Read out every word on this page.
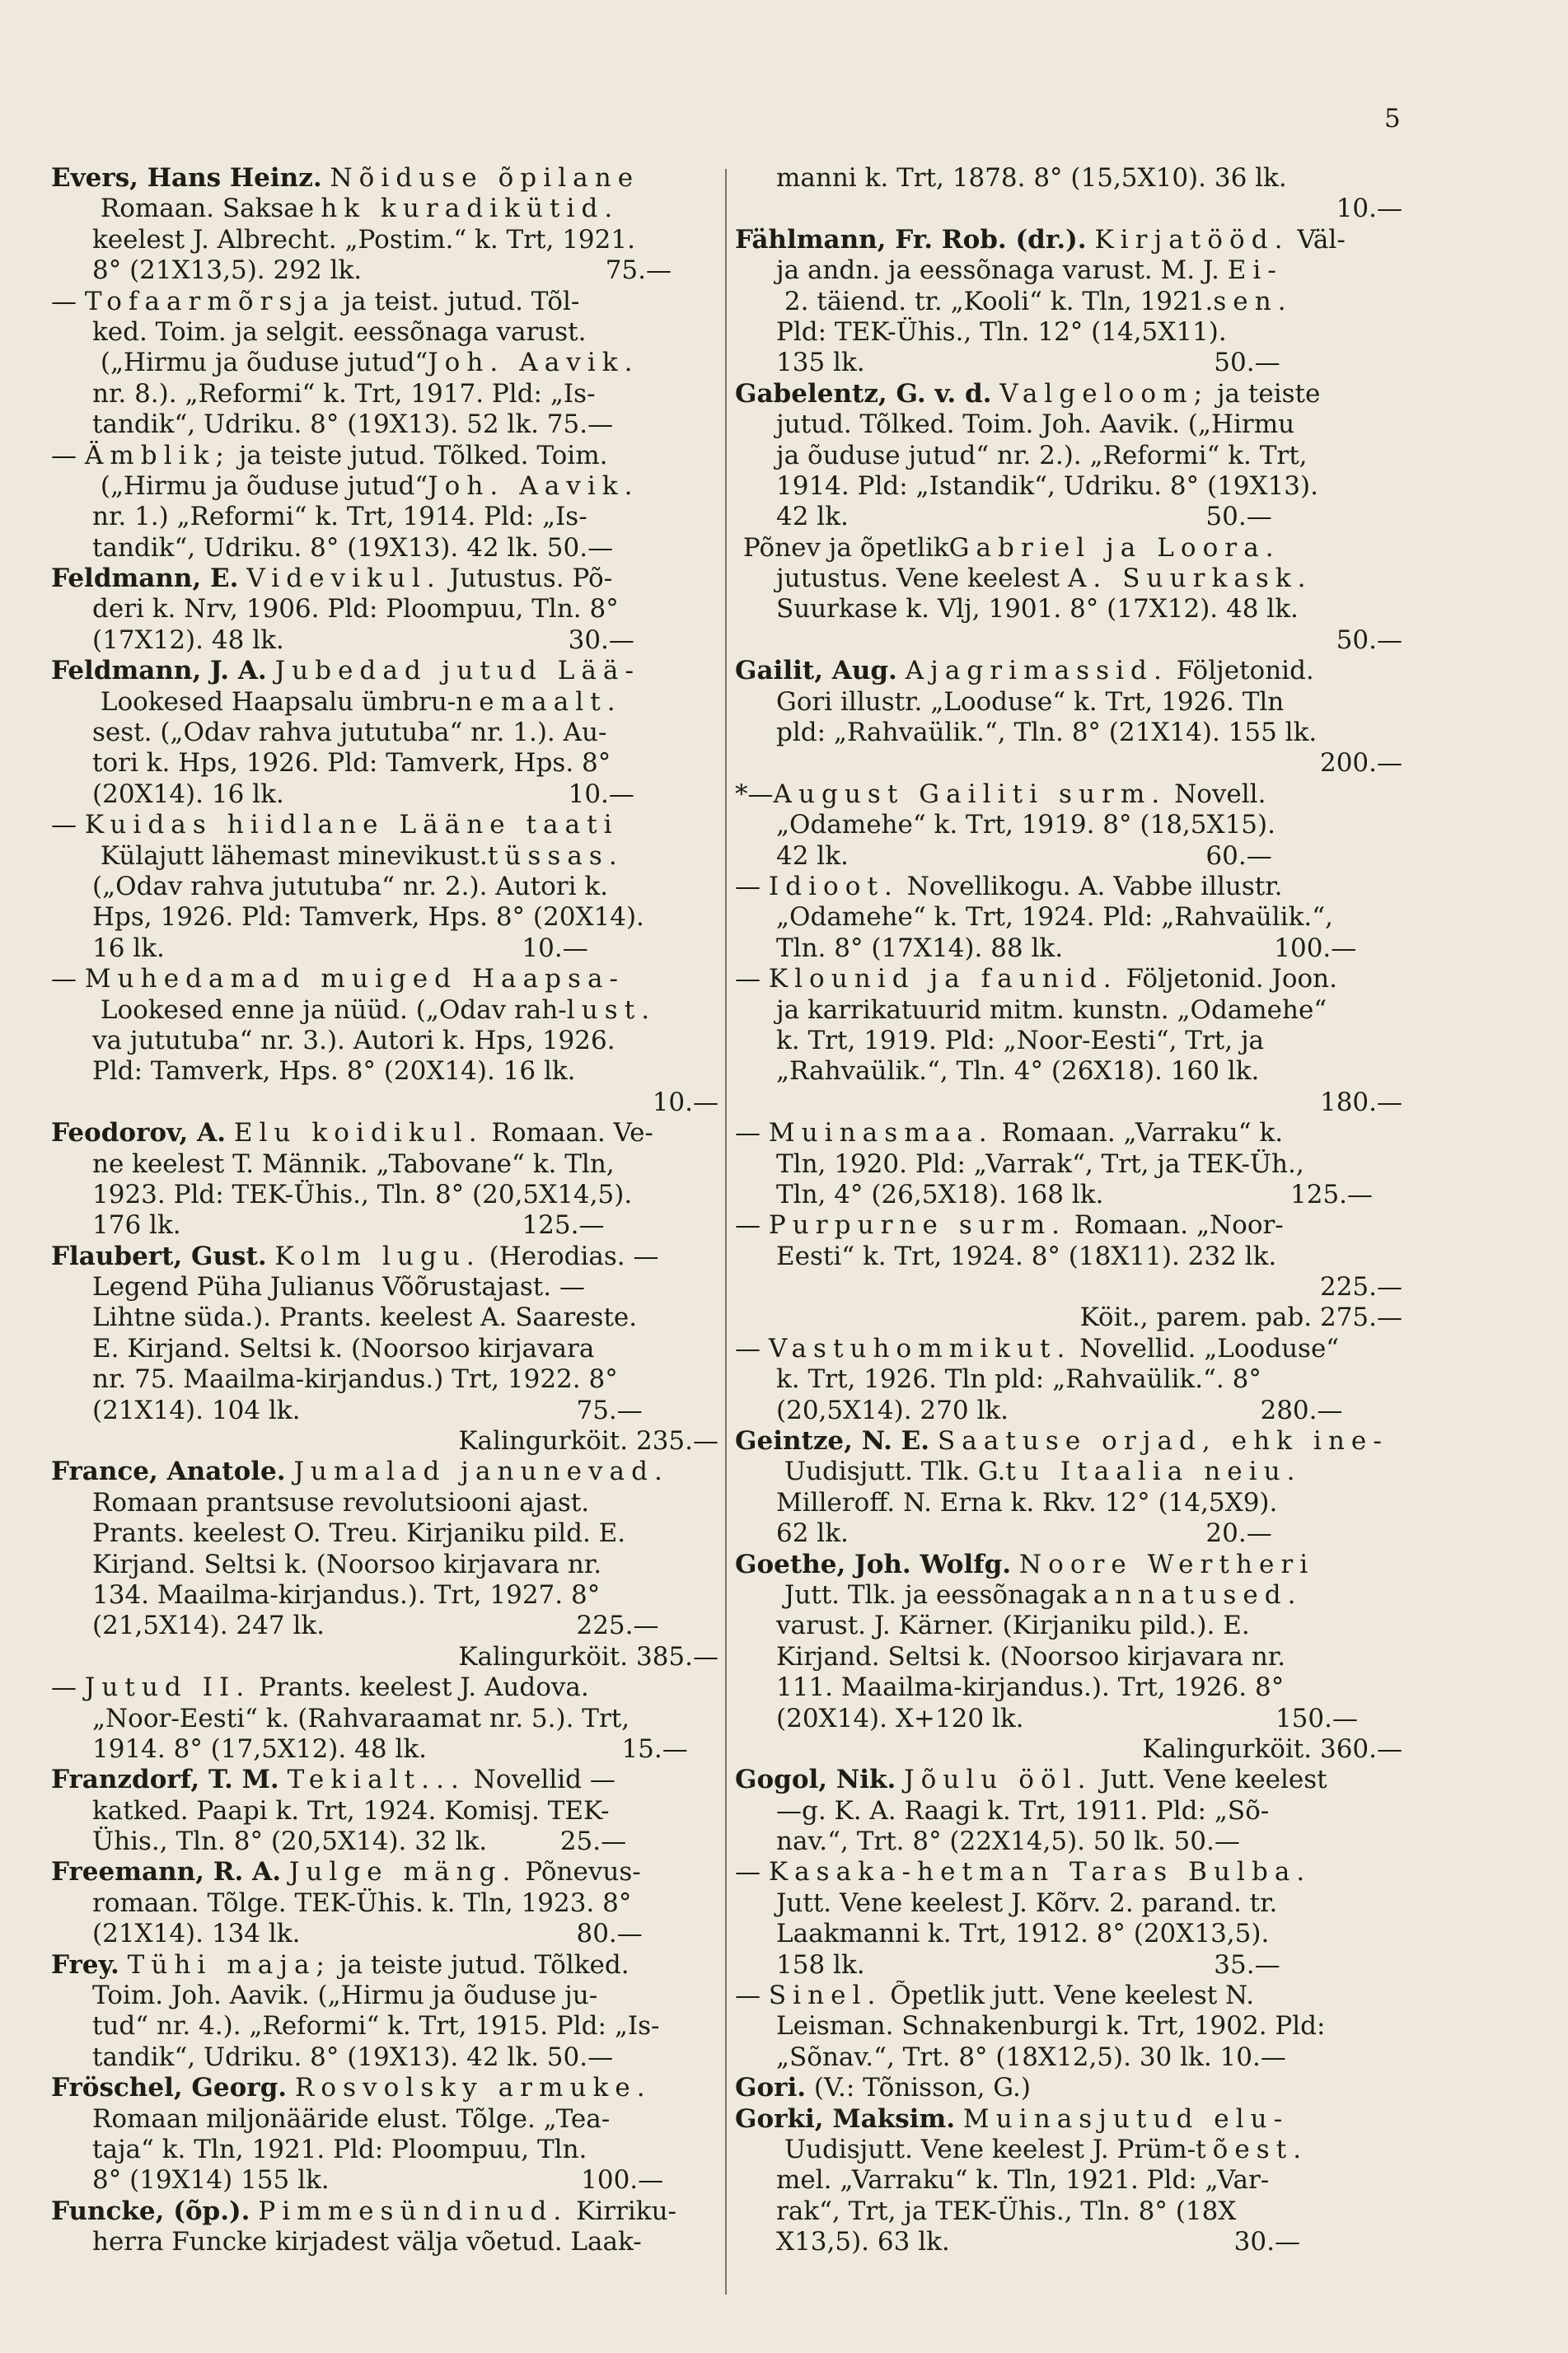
5
Evers, Hans Heinz. Nõiduse õpilane
Romaan. Saksaehk kuradikütid.
keelest J. Albrecht. „Postim.“ k. Trt, 1921.
8° (21X13,5). 292 lk.                              75.—
— Tofaarmõrsja ja teist. jutud. Tõl-
ked. Toim. ja selgit. eessõnaga varust.
(„Hirmu ja õuduse jutud“Joh. Aavik.
nr. 8.). „Reformi“ k. Trt, 1917. Pld: „Is-
tandik“, Udriku. 8° (19X13). 52 lk. 75.—
— Ämblik; ja teiste jutud. Tõlked. Toim.
(„Hirmu ja õuduse jutud“Joh. Aavik.
nr. 1.) „Reformi“ k. Trt, 1914. Pld: „Is-
tandik“, Udriku. 8° (19X13). 42 lk. 50.—
Feldmann, E. Videvikul. Jutustus. Põ-
deri k. Nrv, 1906. Pld: Ploompuu, Tln. 8°
(17X12). 48 lk.                                   30.—
Feldmann, J. A. Jubedad jutud Lää-
Lookesed Haapsalu ümbru-nemaalt.
sest. („Odav rahva jututuba“ nr. 1.). Au-
tori k. Hps, 1926. Pld: Tamverk, Hps. 8°
(20X14). 16 lk.                                   10.—
— Kuidas hiidlane Lääne taati
Külajutt lähemast minevikust.tüssas.
(„Odav rahva jututuba“ nr. 2.). Autori k.
Hps, 1926. Pld: Tamverk, Hps. 8° (20X14).
16 lk.                                            10.—
— Muhedamad muiged Haapsa-
Lookesed enne ja nüüd. („Odav rah-lust.
va jututuba“ nr. 3.). Autori k. Hps, 1926.
Pld: Tamverk, Hps. 8° (20X14). 16 lk.
10.—
Feodorov, A. Elu koidikul. Romaan. Ve-
ne keelest T. Männik. „Tabovane“ k. Tln,
1923. Pld: TEK-Ühis., Tln. 8° (20,5X14,5).
176 lk.                                          125.—
Flaubert, Gust. Kolm lugu. (Herodias. —
Legend Püha Julianus Võõrustajast. —
Lihtne süda.). Prants. keelest A. Saareste.
E. Kirjand. Seltsi k. (Noorsoo kirjavara
nr. 75. Maailma-kirjandus.) Trt, 1922. 8°
(21X14). 104 lk.                                  75.—
Kalingurköit. 235.—
France, Anatole. Jumalad janunevad.
Romaan prantsuse revolutsiooni ajast.
Prants. keelest O. Treu. Kirjaniku pild. E.
Kirjand. Seltsi k. (Noorsoo kirjavara nr.
134. Maailma-kirjandus.). Trt, 1927. 8°
(21,5X14). 247 lk.                               225.—
Kalingurköit. 385.—
— Jutud II. Prants. keelest J. Audova.
„Noor-Eesti“ k. (Rahvaraamat nr. 5.). Trt,
1914. 8° (17,5X12). 48 lk.                        15.—
Franzdorf, T. M. Tekialt... Novellid —
katked. Paapi k. Trt, 1924. Komisj. TEK-
Ühis., Tln. 8° (20,5X14). 32 lk.         25.—
Freemann, R. A. Julge mäng. Põnevus-
romaan. Tõlge. TEK-Ühis. k. Tln, 1923. 8°
(21X14). 134 lk.                                  80.—
Frey. Tühi maja; ja teiste jutud. Tõlked.
Toim. Joh. Aavik. („Hirmu ja õuduse ju-
tud“ nr. 4.). „Reformi“ k. Trt, 1915. Pld: „Is-
tandik“, Udriku. 8° (19X13). 42 lk. 50.—
Fröschel, Georg. Rosvolsky armuke.
Romaan miljonääride elust. Tõlge. „Tea-
taja“ k. Tln, 1921. Pld: Ploompuu, Tln.
8° (19X14) 155 lk.                               100.—
Funcke, (õp.). Pimmesündinud. Kirriku-
herra Funcke kirjadest välja võetud. Laak-
manni k. Trt, 1878. 8° (15,5X10). 36 lk.
10.—
Fählmann, Fr. Rob. (dr.). Kirjatööd. Väl-
ja andn. ja eessõnaga varust. M. J. Ei-
2. täiend. tr. „Kooli“ k. Tln, 1921.sen.
Pld: TEK-Ühis., Tln. 12° (14,5X11).
135 lk.                                           50.—
Gabelentz, G. v. d. Valgeloom; ja teiste
jutud. Tõlked. Toim. Joh. Aavik. („Hirmu
ja õuduse jutud“ nr. 2.). „Reformi“ k. Trt,
1914. Pld: „Istandik“, Udriku. 8° (19X13).
42 lk.                                            50.—
Põnev ja õpetlikGabriel ja Loora.
jutustus. Vene keelest A. Suurkask.
Suurkase k. Vlj, 1901. 8° (17X12). 48 lk.
50.—
Gailit, Aug. Ajagrimassid. Följetonid.
Gori illustr. „Looduse“ k. Trt, 1926. Tln
pld: „Rahvaülik.“, Tln. 8° (21X14). 155 lk.
200.—
*—August Gailiti surm. Novell.
„Odamehe“ k. Trt, 1919. 8° (18,5X15).
42 lk.                                            60.—
— Idioot. Novellikogu. A. Vabbe illustr.
„Odamehe“ k. Trt, 1924. Pld: „Rahvaülik.“,
Tln. 8° (17X14). 88 lk.                          100.—
— Klounid ja faunid. Följetonid. Joon.
ja karrikatuurid mitm. kunstn. „Odamehe“
k. Trt, 1919. Pld: „Noor-Eesti“, Trt, ja
„Rahvaülik.“, Tln. 4° (26X18). 160 lk.
180.—
— Muinasmaa. Romaan. „Varraku“ k.
Tln, 1920. Pld: „Varrak“, Trt, ja TEK-Üh.,
Tln, 4° (26,5X18). 168 lk.                       125.—
— Purpurne surm. Romaan. „Noor-
Eesti“ k. Trt, 1924. 8° (18X11). 232 lk.
225.—
Köit., parem. pab. 275.—
— Vastuhommikut. Novellid. „Looduse“
k. Trt, 1926. Tln pld: „Rahvaülik.“. 8°
(20,5X14). 270 lk.                               280.—
Geintze, N. E. Saatuse orjad, ehk ine-
Uudisjutt. Tlk. G.tu Itaalia neiu.
Milleroff. N. Erna k. Rkv. 12° (14,5X9).
62 lk.                                            20.—
Goethe, Joh. Wolfg. Noore Wertheri
Jutt. Tlk. ja eessõnagakannatused.
varust. J. Kärner. (Kirjaniku pild.). E.
Kirjand. Seltsi k. (Noorsoo kirjavara nr.
111. Maailma-kirjandus.). Trt, 1926. 8°
(20X14). X+120 lk.                               150.—
Kalingurköit. 360.—
Gogol, Nik. Jõulu ööl. Jutt. Vene keelest
—g. K. A. Raagi k. Trt, 1911. Pld: „Sõ-
nav.“, Trt. 8° (22X14,5). 50 lk. 50.—
— Kasaka-hetman Taras Bulba.
Jutt. Vene keelest J. Kõrv. 2. parand. tr.
Laakmanni k. Trt, 1912. 8° (20X13,5).
158 lk.                                           35.—
— Sinel. Õpetlik jutt. Vene keelest N.
Leisman. Schnakenburgi k. Trt, 1902. Pld:
„Sõnav.“, Trt. 8° (18X12,5). 30 lk. 10.—
Gori. (V.: Tõnisson, G.)
Gorki, Maksim. Muinasjutud elu-
Uudisjutt. Vene keelest J. Prüm-tõest.
mel. „Varraku“ k. Tln, 1921. Pld: „Var-
rak“, Trt, ja TEK-Ühis., Tln. 8° (18X
X13,5). 63 lk.                                   30.—
